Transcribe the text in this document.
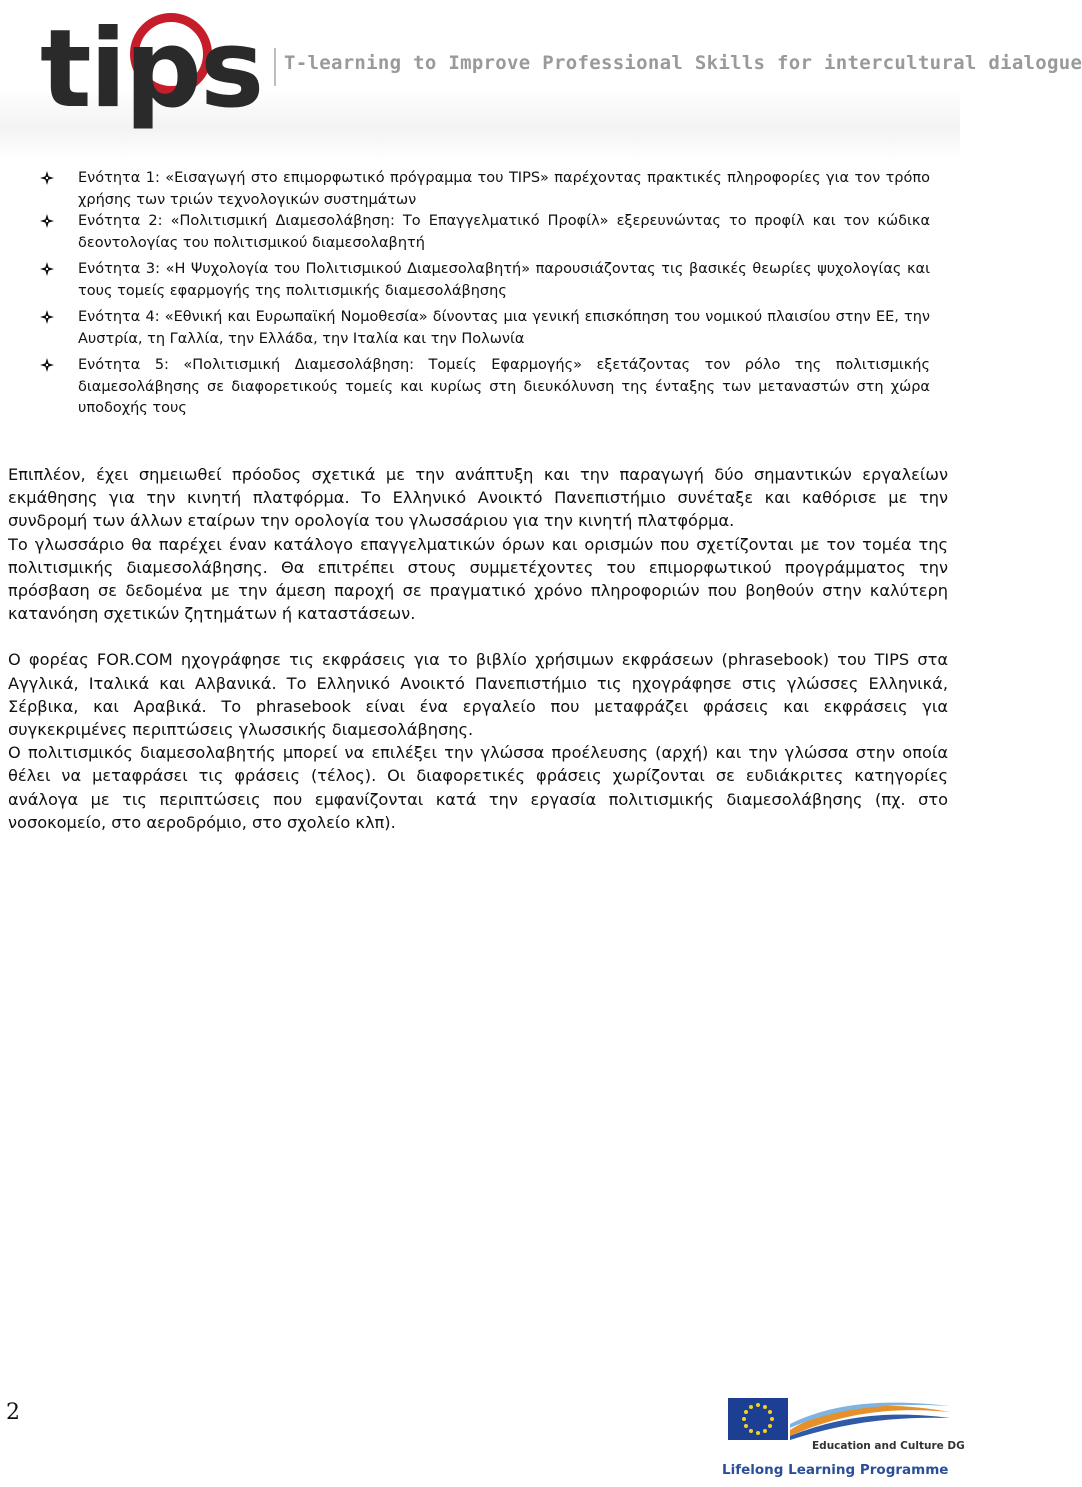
tips T-learning to Improve Professional Skills for intercultural dialogue
Ενότητα 1: «Εισαγωγή στο επιμορφωτικό πρόγραμμα του TIPS» παρέχοντας πρακτικές πληροφορίες για τον τρόπο χρήσης των τριών τεχνολογικών συστημάτων
Ενότητα 2: «Πολιτισμική Διαμεσολάβηση: Το Επαγγελματικό Προφίλ» εξερευνώντας το προφίλ και τον κώδικα δεοντολογίας του πολιτισμικού διαμεσολαβητή
Ενότητα 3: «Η Ψυχολογία του Πολιτισμικού Διαμεσολαβητή» παρουσιάζοντας τις βασικές θεωρίες ψυχολογίας και τους τομείς εφαρμογής της πολιτισμικής διαμεσολάβησης
Ενότητα 4: «Εθνική και Ευρωπαϊκή Νομοθεσία» δίνοντας μια γενική επισκόπηση του νομικού πλαισίου στην ΕΕ, την Αυστρία, τη Γαλλία, την Ελλάδα, την Ιταλία και την Πολωνία
Ενότητα 5: «Πολιτισμική Διαμεσολάβηση: Τομείς Εφαρμογής» εξετάζοντας τον ρόλο της πολιτισμικής διαμεσολάβησης σε διαφορετικούς τομείς και κυρίως στη διευκόλυνση της ένταξης των μεταναστών στη χώρα υποδοχής τους

Επιπλέον, έχει σημειωθεί πρόοδος σχετικά με την ανάπτυξη και την παραγωγή δύο σημαντικών εργαλείων εκμάθησης για την κινητή πλατφόρμα. Το Ελληνικό Ανοικτό Πανεπιστήμιο συνέταξε και καθόρισε με την συνδρομή των άλλων εταίρων την ορολογία του γλωσσάριου για την κινητή πλατφόρμα.

Το γλωσσάριο θα παρέχει έναν κατάλογο επαγγελματικών όρων και ορισμών που σχετίζονται με τον τομέα της πολιτισμικής διαμεσολάβησης. Θα επιτρέπει στους συμμετέχοντες του επιμορφωτικού προγράμματος την πρόσβαση σε δεδομένα με την άμεση παροχή σε πραγματικό χρόνο πληροφοριών που βοηθούν στην καλύτερη κατανόηση σχετικών ζητημάτων ή καταστάσεων.

Ο φορέας FOR.COM ηχογράφησε τις εκφράσεις για το βιβλίο χρήσιμων εκφράσεων (phrasebook) του TIPS στα Αγγλικά, Ιταλικά και Αλβανικά. Το Ελληνικό Ανοικτό Πανεπιστήμιο τις ηχογράφησε στις γλώσσες Ελληνικά, Σέρβικα, και Αραβικά. Το phrasebook είναι ένα εργαλείο που μεταφράζει φράσεις και εκφράσεις για συγκεκριμένες περιπτώσεις γλωσσικής διαμεσολάβησης.

Ο πολιτισμικός διαμεσολαβητής μπορεί να επιλέξει την γλώσσα προέλευσης (αρχή) και την γλώσσα στην οποία θέλει να μεταφράσει τις φράσεις (τέλος). Οι διαφορετικές φράσεις χωρίζονται σε ευδιάκριτες κατηγορίες ανάλογα με τις περιπτώσεις που εμφανίζονται κατά την εργασία πολιτισμικής διαμεσολάβησης (πχ. στο νοσοκομείο, στο αεροδρόμιο, στο σχολείο κλπ).

2
Education and Culture DG
Lifelong Learning Programme
